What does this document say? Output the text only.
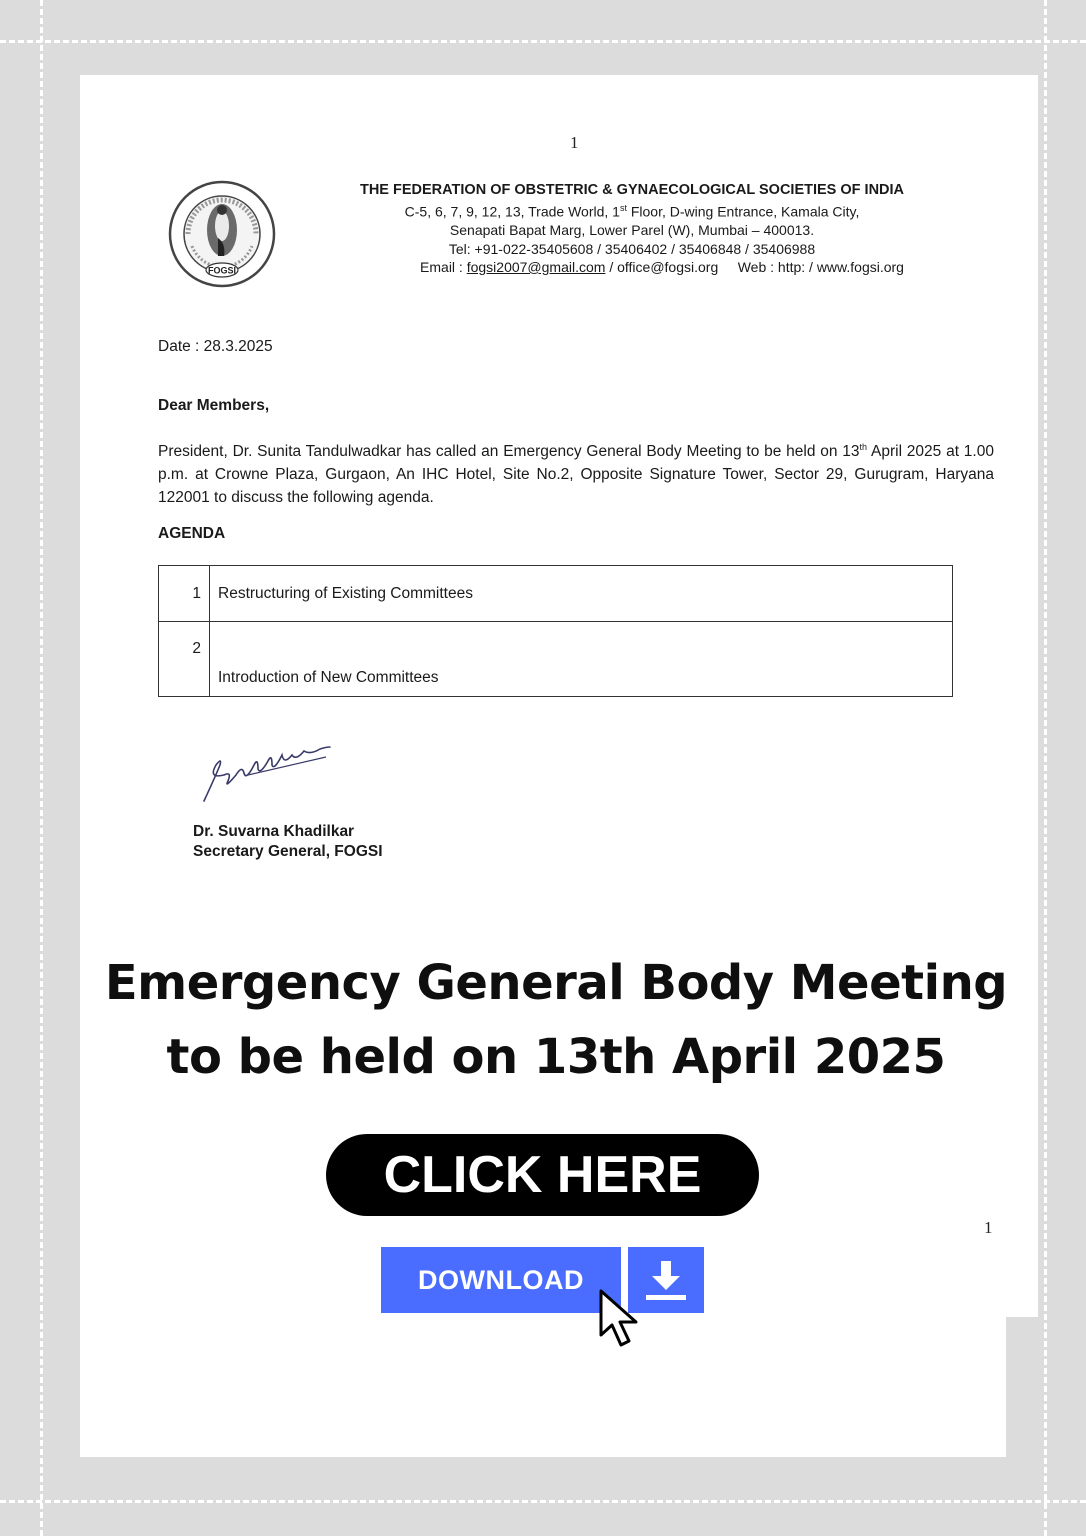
1
FOGSI
THE FEDERATION OF OBSTETRIC & GYNAECOLOGICAL SOCIETIES OF INDIA
C-5, 6, 7, 9, 12, 13, Trade World, 1st Floor, D-wing Entrance, Kamala City,
Senapati Bapat Marg, Lower Parel (W), Mumbai – 400013.
Tel: +91-022-35405608 / 35406402 / 35406848 / 35406988
Email : fogsi2007@gmail.com / office@fogsi.org Web : http: / www.fogsi.org
Date : 28.3.2025
Dear Members,
President, Dr. Sunita Tandulwadkar has called an Emergency General Body Meeting to be held on 13th April 2025 at 1.00 p.m. at Crowne Plaza, Gurgaon, An IHC Hotel, Site No.2, Opposite Signature Tower, Sector 29, Gurugram, Haryana 122001 to discuss the following agenda.
AGENDA
1	Restructuring of Existing Committees
2	Introduction of New Committees
Dr. Suvarna Khadilkar
Secretary General, FOGSI
Emergency General Body Meeting
to be held on 13th April 2025
CLICK HERE
1
DOWNLOAD
